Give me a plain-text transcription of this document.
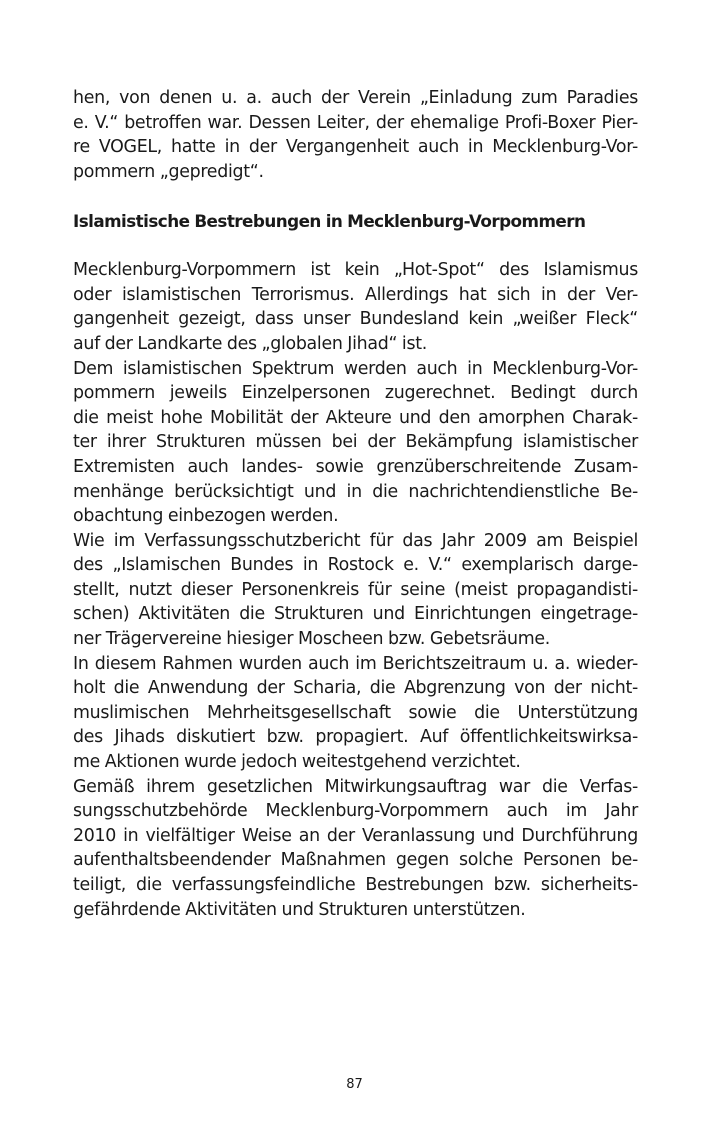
hen, von denen u. a. auch der Verein „Einladung zum Paradies
e. V.“ betroffen war. Dessen Leiter, der ehemalige Profi-Boxer Pier-
re VOGEL, hatte in der Vergangenheit auch in Mecklenburg-Vor-
pommern „gepredigt“.
Islamistische Bestrebungen in Mecklenburg-Vorpommern
Mecklenburg-Vorpommern ist kein „Hot-Spot“ des Islamismus
oder islamistischen Terrorismus. Allerdings hat sich in der Ver-
gangenheit gezeigt, dass unser Bundesland kein „weißer Fleck“
auf der Landkarte des „globalen Jihad“ ist.
Dem islamistischen Spektrum werden auch in Mecklenburg-Vor-
pommern jeweils Einzelpersonen zugerechnet. Bedingt durch
die meist hohe Mobilität der Akteure und den amorphen Charak-
ter ihrer Strukturen müssen bei der Bekämpfung islamistischer
Extremisten auch landes- sowie grenzüberschreitende Zusam-
menhänge berücksichtigt und in die nachrichtendienstliche Be-
obachtung einbezogen werden.
Wie im Verfassungsschutzbericht für das Jahr 2009 am Beispiel
des „Islamischen Bundes in Rostock e. V.“ exemplarisch darge-
stellt, nutzt dieser Personenkreis für seine (meist propagandisti-
schen) Aktivitäten die Strukturen und Einrichtungen eingetrage-
ner Trägervereine hiesiger Moscheen bzw. Gebetsräume.
In diesem Rahmen wurden auch im Berichtszeitraum u. a. wieder-
holt die Anwendung der Scharia, die Abgrenzung von der nicht-
muslimischen Mehrheitsgesellschaft sowie die Unterstützung
des Jihads diskutiert bzw. propagiert. Auf öffentlichkeitswirksa-
me Aktionen wurde jedoch weitestgehend verzichtet.
Gemäß ihrem gesetzlichen Mitwirkungsauftrag war die Verfas-
sungsschutzbehörde Mecklenburg-Vorpommern auch im Jahr
2010 in vielfältiger Weise an der Veranlassung und Durchführung
aufenthaltsbeendender Maßnahmen gegen solche Personen be-
teiligt, die verfassungsfeindliche Bestrebungen bzw. sicherheits-
gefährdende Aktivitäten und Strukturen unterstützen.
87
